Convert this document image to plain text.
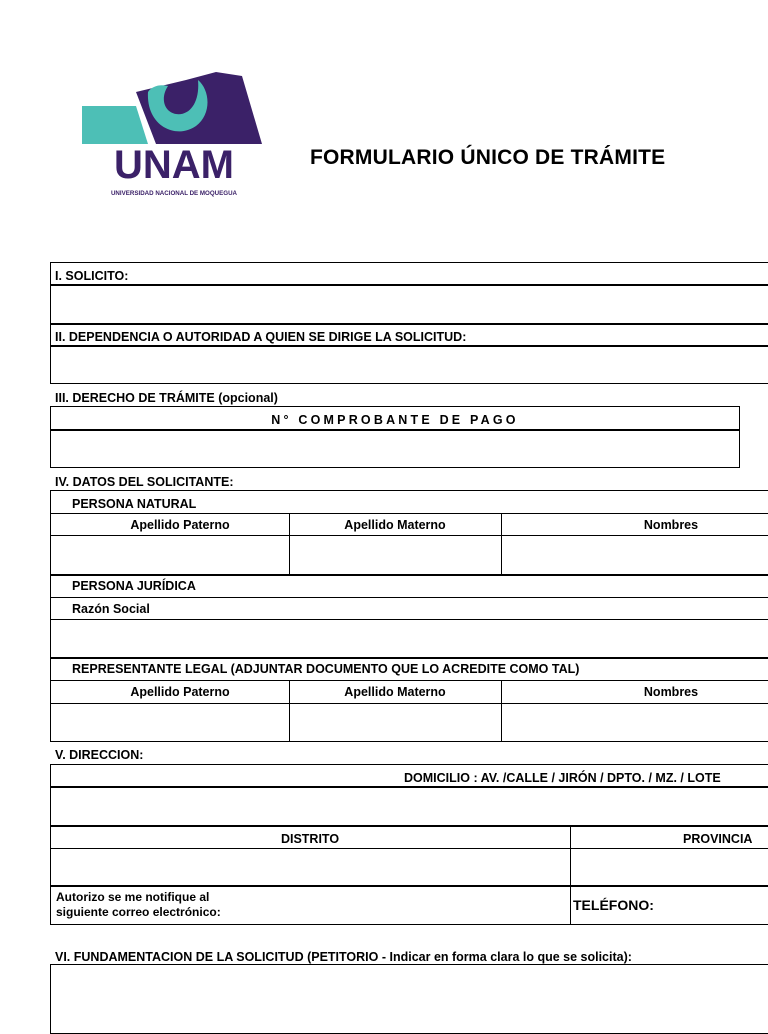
UNAM
UNIVERSIDAD NACIONAL DE MOQUEGUA
FORMULARIO ÚNICO DE TRÁMITE
I. SOLICITO:
II. DEPENDENCIA O AUTORIDAD A QUIEN SE DIRIGE LA SOLICITUD:
III. DERECHO DE TRÁMITE (opcional)
N° COMPROBANTE DE PAGO
IV. DATOS DEL SOLICITANTE:
PERSONA NATURAL
Apellido Paterno	Apellido Materno	Nombres
PERSONA JURÍDICA
Razón Social
REPRESENTANTE LEGAL (ADJUNTAR DOCUMENTO QUE LO ACREDITE COMO TAL)
Apellido Paterno	Apellido Materno	Nombres
V. DIRECCION:
DOMICILIO : AV. /CALLE / JIRÓN / DPTO. / MZ. / LOTE
DISTRITO	PROVINCIA
Autorizo se me notifique al siguiente correo electrónico:	TELÉFONO:
VI. FUNDAMENTACION DE LA SOLICITUD (PETITORIO - Indicar en forma clara lo que se solicita):
